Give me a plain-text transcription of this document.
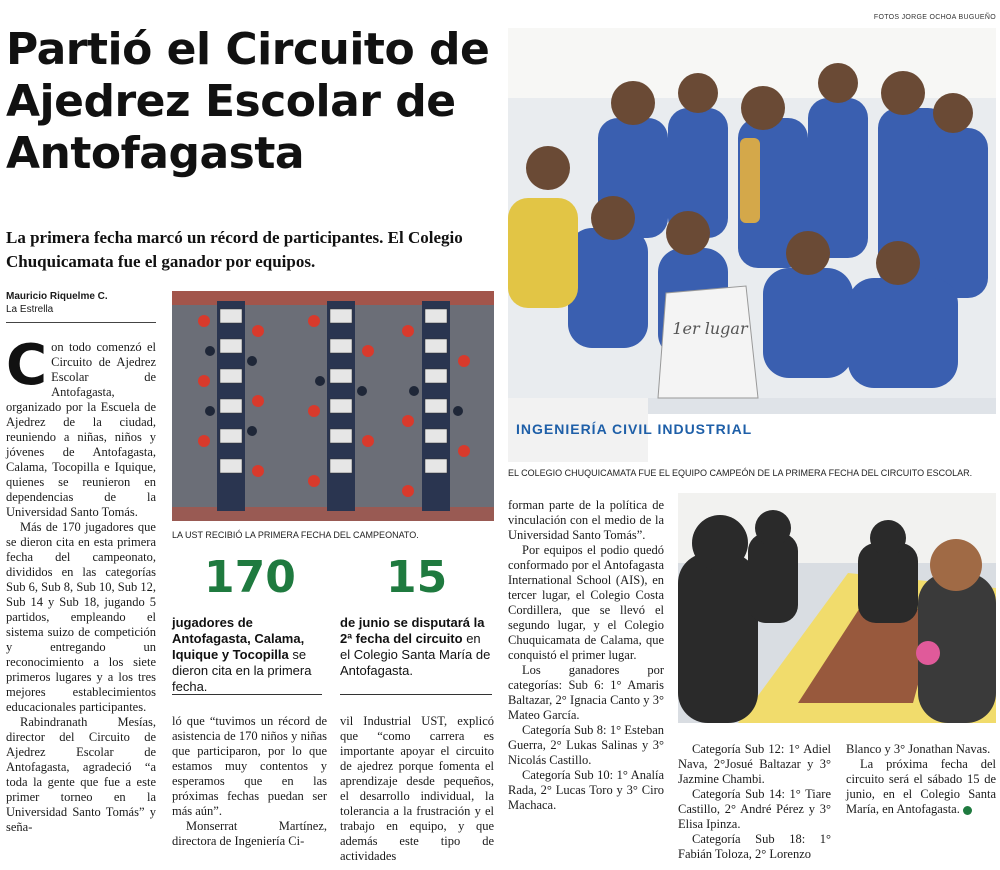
FOTOS JORGE OCHOA BUGUEÑO
Partió el Circuito de Ajedrez Escolar de Antofagasta
La primera fecha marcó un récord de participantes. El Colegio Chuquicamata fue el ganador por equipos.
Mauricio Riquelme C.
La Estrella

Con todo comenzó el Circuito de Ajedrez Escolar de Antofagasta, organizado por la Escuela de Ajedrez de la ciudad, reuniendo a niñas, niños y jóvenes de Antofagasta, Calama, Tocopilla e Iquique, quienes se reunieron en dependencias de la Universidad Santo Tomás.

Más de 170 jugadores que se dieron cita en esta primera fecha del campeonato, divididos en las categorías Sub 6, Sub 8, Sub 10, Sub 12, Sub 14 y Sub 18, jugando 5 partidos, empleando el sistema suizo de competición y entregando un reconocimiento a los siete primeros lugares y a los tres mejores establecimientos educacionales participantes.

Rabindranath Mesías, director del Circuito de Ajedrez Escolar de Antofagasta, agradeció “a toda la gente que fue a este primer torneo en la Universidad Santo Tomás” y seña-

LA UST RECIBIÓ LA PRIMERA FECHA DEL CAMPEONATO.
170
jugadores de Antofagasta, Calama, Iquique y Tocopilla se dieron cita en la primera fecha.
15
de junio se disputará la 2ª fecha del circuito en el Colegio Santa María de Antofagasta.

ló que “tuvimos un récord de asistencia de 170 niños y niñas que participaron, por lo que estamos muy contentos y esperamos que en las próximas fechas puedan ser más aún”.

Monserrat Martínez, directora de Ingeniería Ci-

vil Industrial UST, explicó que “como carrera es importante apoyar el circuito de ajedrez porque fomenta el aprendizaje desde pequeños, el desarrollo individual, la tolerancia a la frustración y el trabajo en equipo, y que además este tipo de actividades

1er lugar
INGENIERÍA CIVIL INDUSTRIAL
EL COLEGIO CHUQUICAMATA FUE EL EQUIPO CAMPEÓN DE LA PRIMERA FECHA DEL CIRCUITO ESCOLAR.

forman parte de la política de vinculación con el medio de la Universidad Santo Tomás”.

Por equipos el podio quedó conformado por el Antofagasta International School (AIS), en tercer lugar, el Colegio Costa Cordillera, que se llevó el segundo lugar, y el Colegio Chuquicamata de Calama, que conquistó el primer lugar.

Los ganadores por categorías: Sub 6: 1° Amaris Baltazar, 2° Ignacia Canto y 3° Mateo García.

Categoría Sub 8: 1° Esteban Guerra, 2° Lukas Salinas y 3° Nicolás Castillo.

Categoría Sub 10: 1° Analía Rada, 2° Lucas Toro y 3° Ciro Machaca.

Categoría Sub 12: 1° Adiel Nava, 2°Josué Baltazar y 3° Jazmine Chambi.

Categoría Sub 14: 1° Tiare Castillo, 2° André Pérez y 3° Elisa Ipinza.

Categoría Sub 18: 1° Fabián Toloza, 2° Lorenzo

Blanco y 3° Jonathan Navas.

La próxima fecha del circuito será el sábado 15 de junio, en el Colegio Santa María, en Antofagasta.
